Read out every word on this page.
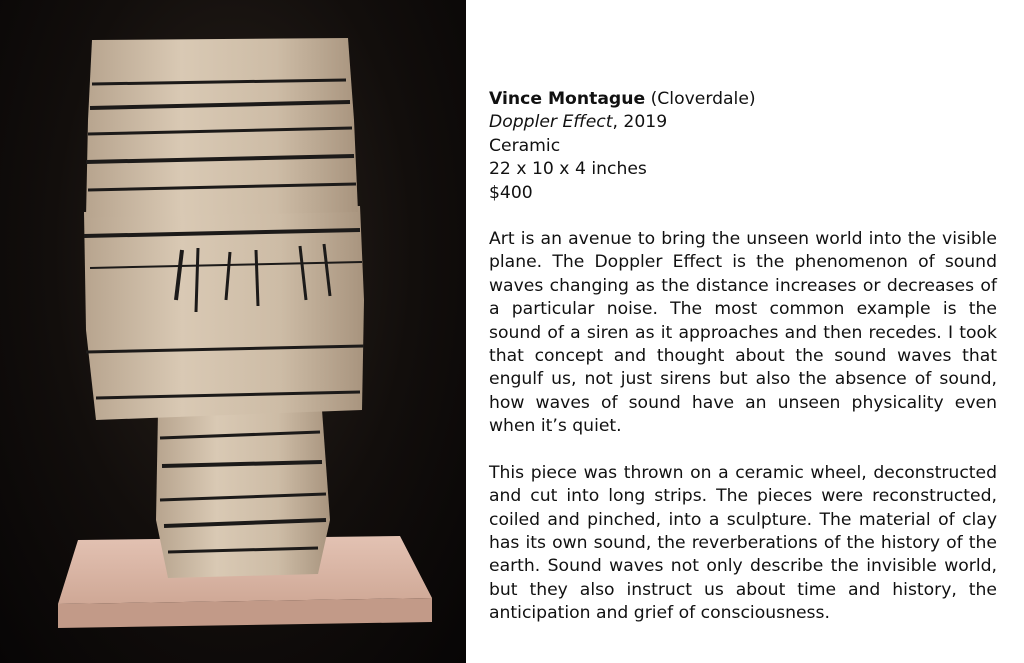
Vince Montague (Cloverdale)

Doppler Effect, 2019

Ceramic

22 x 10 x 4 inches

$400

Art is an avenue to bring the unseen world into the visible plane. The Doppler Effect is the phenomenon of sound waves changing as the distance increases or decreases of a particular noise. The most common example is the sound of a siren as it approaches and then recedes. I took that concept and thought about the sound waves that engulf us, not just sirens but also the absence of sound, how waves of sound have an unseen physicality even when it’s quiet.

This piece was thrown on a ceramic wheel, deconstructed and cut into long strips. The pieces were reconstructed, coiled and pinched, into a sculpture. The material of clay has its own sound, the reverberations of the history of the earth. Sound waves not only describe the invisible world, but they also instruct us about time and history, the anticipation and grief of consciousness.
